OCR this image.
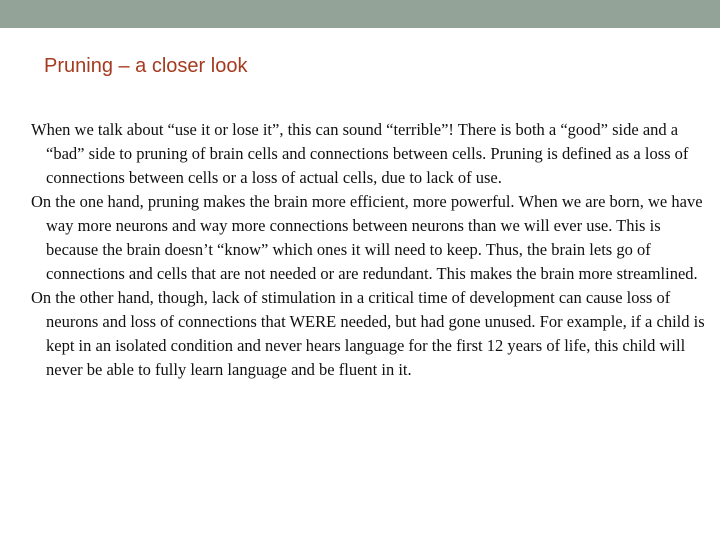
Pruning – a closer look

When we talk about “use it or lose it”, this can sound “terrible”! There is both a “good” side and a “bad” side to pruning of brain cells and connections between cells. Pruning is defined as a loss of connections between cells or a loss of actual cells, due to lack of use.

On the one hand, pruning makes the brain more efficient, more powerful. When we are born, we have way more neurons and way more connections between neurons than we will ever use. This is because the brain doesn’t “know” which ones it will need to keep. Thus, the brain lets go of connections and cells that are not needed or are redundant. This makes the brain more streamlined.

On the other hand, though, lack of stimulation in a critical time of development can cause loss of neurons and loss of connections that WERE needed, but had gone unused. For example, if a child is kept in an isolated condition and never hears language for the first 12 years of life, this child will never be able to fully learn language and be fluent in it.
